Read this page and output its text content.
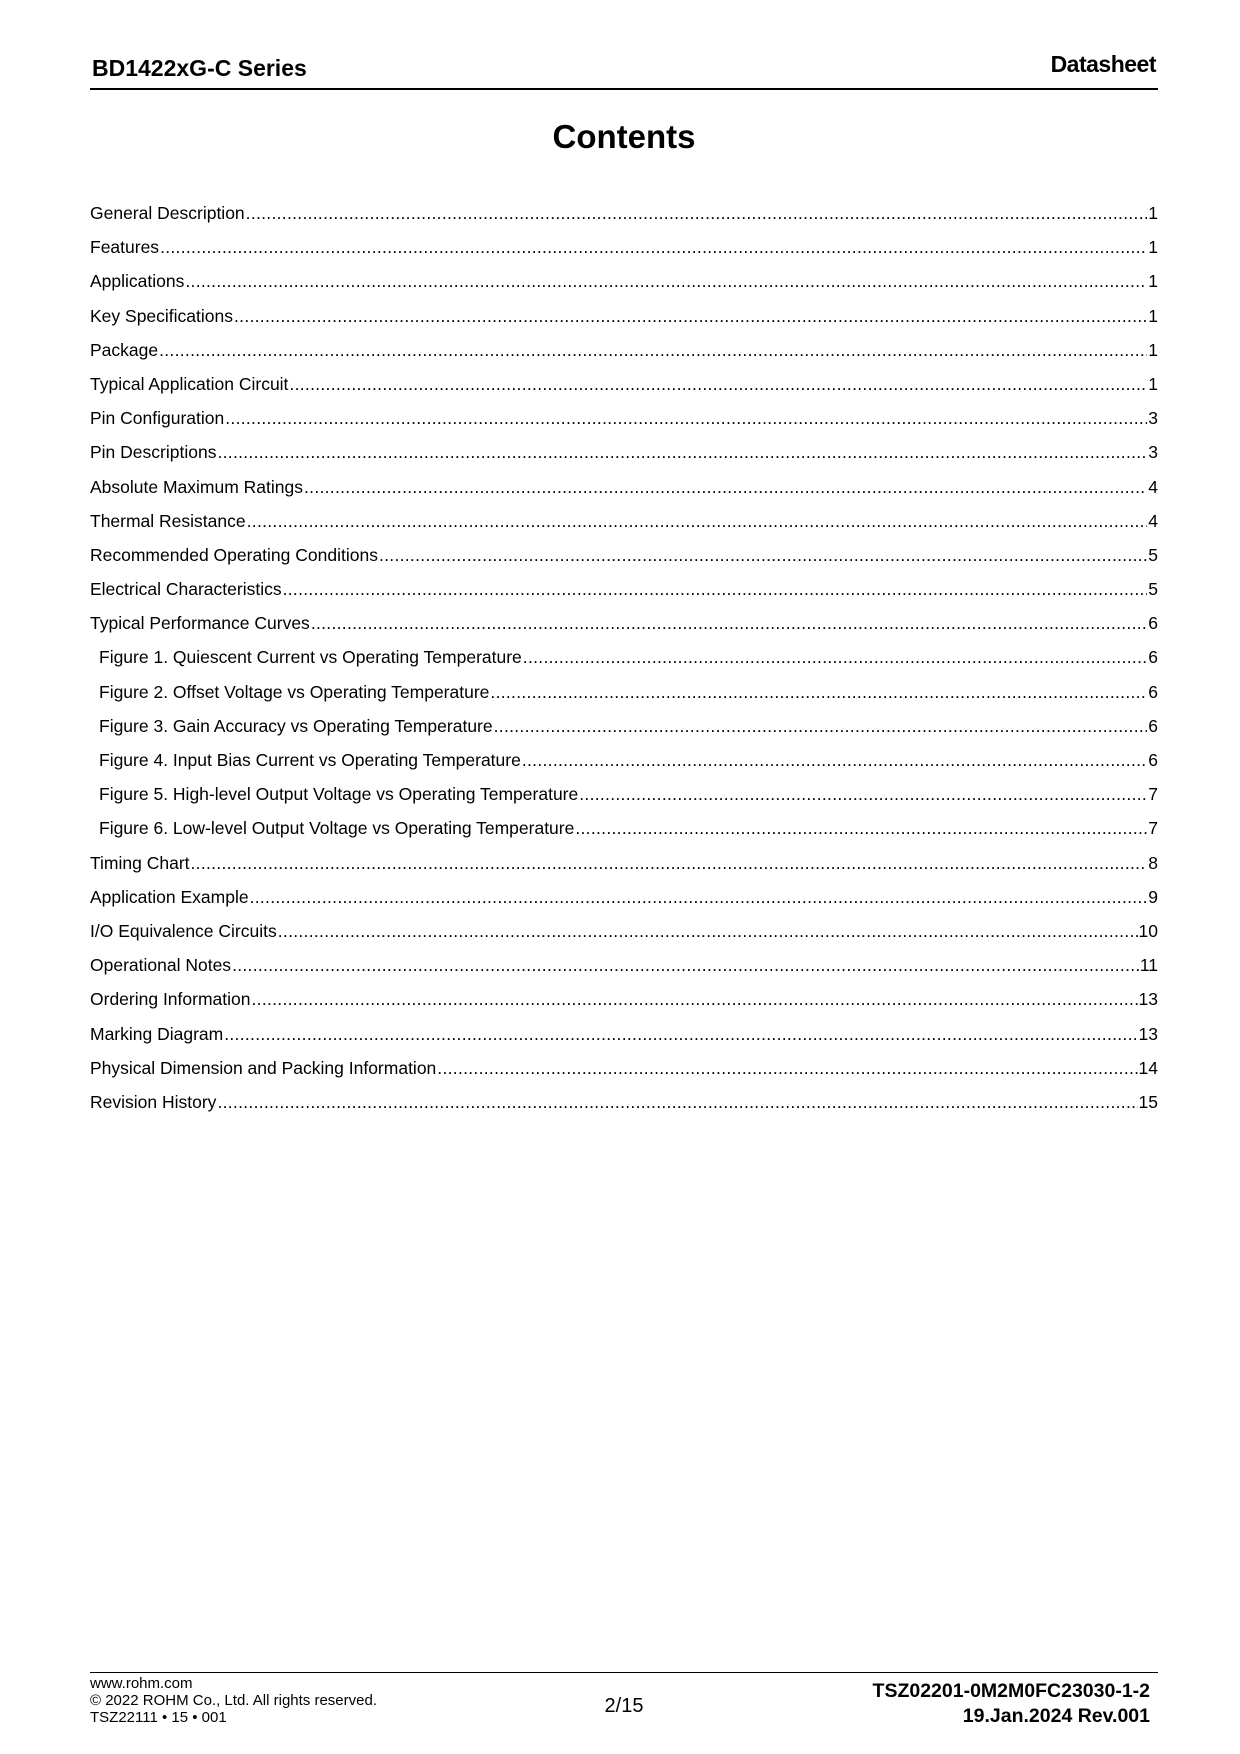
BD1422xG-C Series	Datasheet
Contents
General Description .....	1
Features .....	1
Applications .....	1
Key Specifications .....	1
Package .....	1
Typical Application Circuit .....	1
Pin Configuration .....	3
Pin Descriptions .....	3
Absolute Maximum Ratings .....	4
Thermal Resistance .....	4
Recommended Operating Conditions .....	5
Electrical Characteristics .....	5
Typical Performance Curves .....	6
Figure 1. Quiescent Current vs Operating Temperature .....	6
Figure 2. Offset Voltage vs Operating Temperature .....	6
Figure 3. Gain Accuracy vs Operating Temperature .....	6
Figure 4. Input Bias Current vs Operating Temperature .....	6
Figure 5. High-level Output Voltage vs Operating Temperature .....	7
Figure 6. Low-level Output Voltage vs Operating Temperature .....	7
Timing Chart .....	8
Application Example .....	9
I/O Equivalence Circuits .....	10
Operational Notes .....	11
Ordering Information .....	13
Marking Diagram .....	13
Physical Dimension and Packing Information .....	14
Revision History .....	15
www.rohm.com
© 2022 ROHM Co., Ltd. All rights reserved.
TSZ22111 • 15 • 001
2/15
TSZ02201-0M2M0FC23030-1-2
19.Jan.2024 Rev.001
